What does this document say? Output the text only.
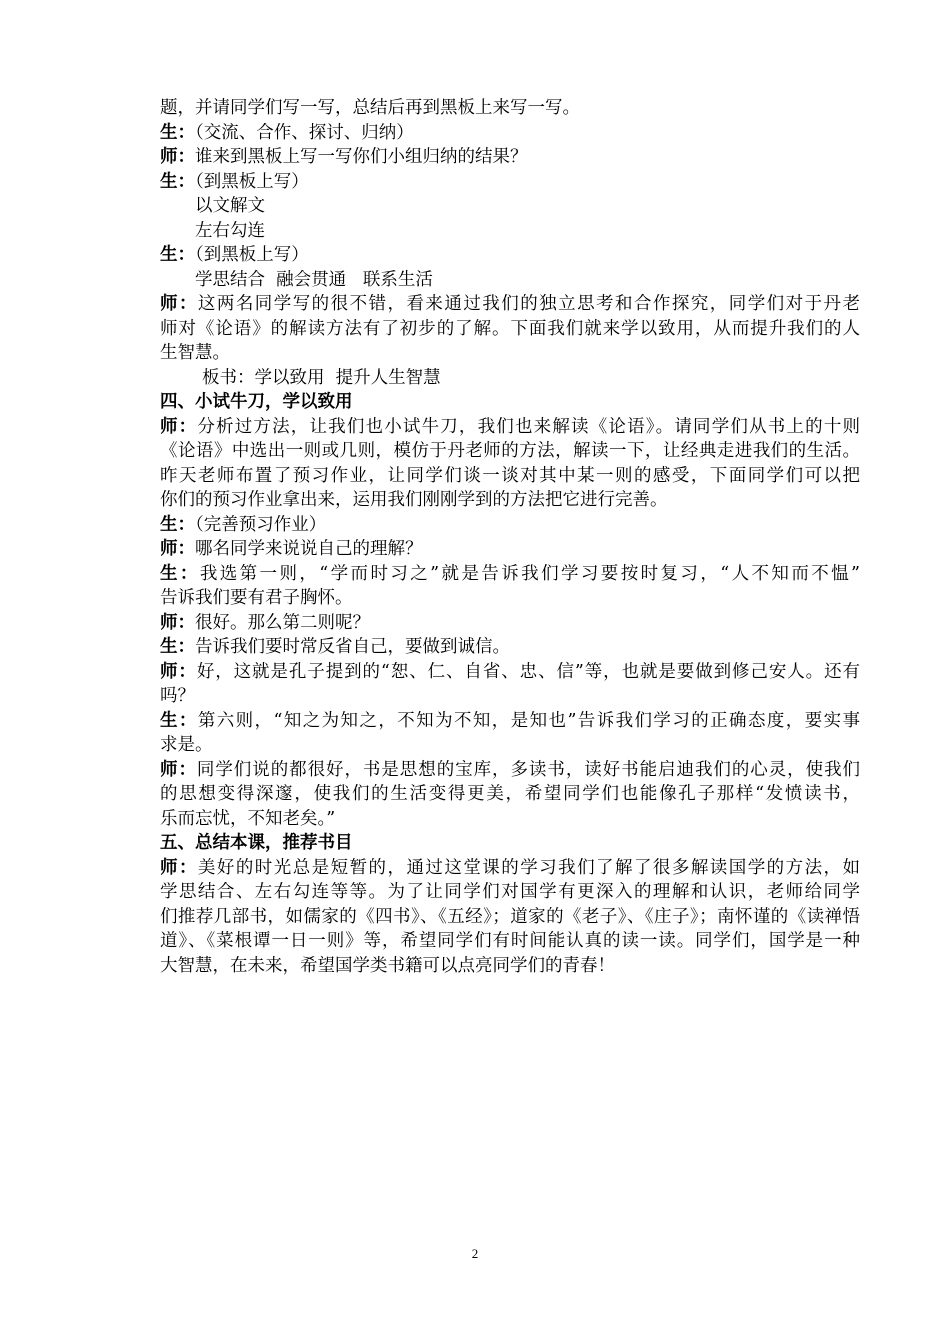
题，并请同学们写一写，总结后再到黑板上来写一写。
生：（交流、合作、探讨、归纳）
师：谁来到黑板上写一写你们小组归纳的结果？
生：（到黑板上写）
以文解文
左右勾连
生：（到黑板上写）
学思结合  融会贯通   联系生活
师：这两名同学写的很不错，看来通过我们的独立思考和合作探究，同学们对于丹老
师对《论语》的解读方法有了初步的了解。下面我们就来学以致用，从而提升我们的人
生智慧。
板书：学以致用  提升人生智慧
四、小试牛刀，学以致用
师：分析过方法，让我们也小试牛刀，我们也来解读《论语》。请同学们从书上的十则
《论语》中选出一则或几则，模仿于丹老师的方法，解读一下，让经典走进我们的生活。
昨天老师布置了预习作业，让同学们谈一谈对其中某一则的感受，下面同学们可以把
你们的预习作业拿出来，运用我们刚刚学到的方法把它进行完善。
生：（完善预习作业）
师：哪名同学来说说自己的理解？
生：我选第一则，“学而时习之”就是告诉我们学习要按时复习，“人不知而不愠”
告诉我们要有君子胸怀。
师：很好。那么第二则呢？
生：告诉我们要时常反省自己，要做到诚信。
师：好，这就是孔子提到的“恕、仁、自省、忠、信”等，也就是要做到修己安人。还有
吗？
生：第六则，“知之为知之，不知为不知，是知也”告诉我们学习的正确态度，要实事
求是。
师：同学们说的都很好，书是思想的宝库，多读书，读好书能启迪我们的心灵，使我们
的思想变得深邃，使我们的生活变得更美，希望同学们也能像孔子那样“发愤读书，
乐而忘忧，不知老矣。”
五、总结本课，推荐书目
师：美好的时光总是短暂的，通过这堂课的学习我们了解了很多解读国学的方法，如
学思结合、左右勾连等等。为了让同学们对国学有更深入的理解和认识，老师给同学
们推荐几部书，如儒家的《四书》、《五经》；道家的《老子》、《庄子》；南怀谨的《读禅悟
道》、《菜根谭一日一则》等，希望同学们有时间能认真的读一读。同学们，国学是一种
大智慧，在未来，希望国学类书籍可以点亮同学们的青春！
2
